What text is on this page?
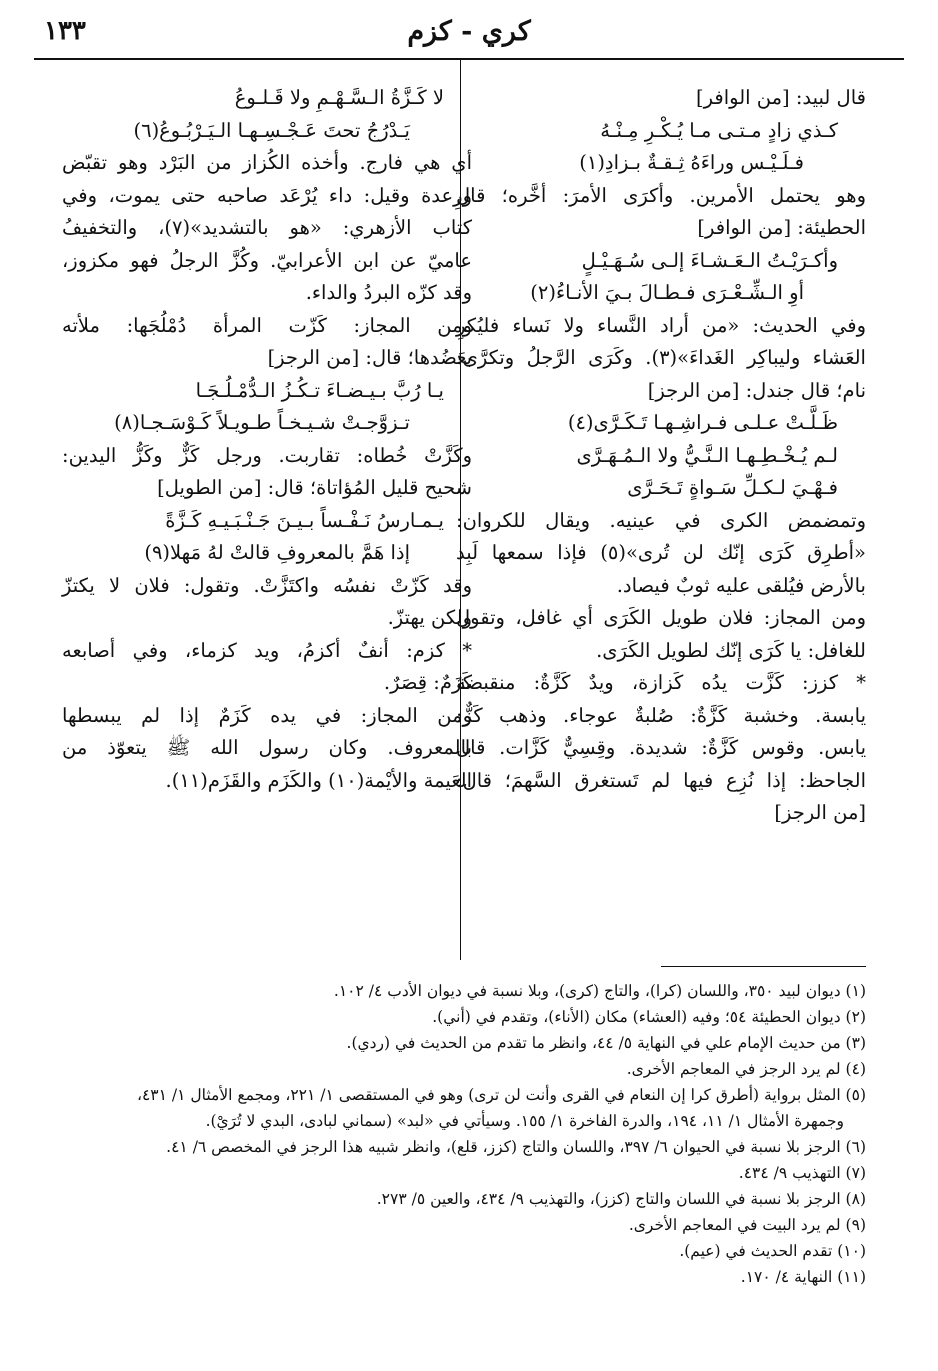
كري - كزم
١٣٣
قال لبيد: [من الوافر]
كـذي زادٍ مـتـى مـا يُـكْـرِ مِـنْـهُ
فـلَـيْـس وراءَهُ ثِـقـةٌ بـزادِ(١)
وهو يحتمل الأمرين. وأكرَى الأمرَ: أخَّره؛ قال
الحطيئة: [من الوافر]
وأكـرَيْـتُ الـعَـشـاءَ إلـى سُـهَـيْـلٍ
أوِ الـشِّـعْـرَى فـطـالَ بـيَ الأنـاءُ(٢)
وفي الحديث: «من أراد النَّساء ولا نَساء فليُكرِ
العَشاء وليباكِر الغَداءَ»(٣). وكَرَى الرَّجلُ وتكرَّى:
نام؛ قال جندل: [من الرجز]
ظَـلَّـتْ عـلـى فـراشِـهـا تَـكَـرَّى(٤)
لـم يُـخْـطِـهـا الـنَّـيُّ ولا الـمُـهَـرَّى
فـهْـيَ لـكـلِّ سَـواةٍ تَـحَـرَّى
وتمضمض الكرى في عينيه. ويقال للكروان:
«أطرِق كَرَى إنّك لن تُرى»(٥) فإذا سمعها لَبِد
بالأرض فيُلقى عليه ثوبٌ فيصاد.
ومن المجاز: فلان طويل الكَرَى أي غافل، وتقول
للغافل: يا كَرَى إنّك لطويل الكَرَى.
* كزز: كَزَّت يدُه كَزازة، ويدٌ كَزَّةٌ: منقبضة
يابسة. وخشبة كَزَّةٌ: صُلبةٌ عوجاء. وذهب كَزٌّ:
يابس. وقوس كَزَّةٌ: شديدة. وقِسِيٌّ كَزَّات. قال
الجاحظ: إذا نُزِع فيها لم تَستغرق السَّهمَ؛ قال:
[من الرجز]
لا كَـزَّةُ الـسَّـهْـمِ ولا قَـلـوعُ
يَـدْرُجُ تحتَ عَـجْـسِـهـا الـيَـرْبُـوعُ(٦)
أي هي فارج. وأخذه الكُزاز من البَرْد وهو تقبّض
ورِعدة وقيل: داء يُرْعَد صاحبه حتى يموت، وفي
كتاب الأزهري: «هو بالتشديد»(٧)، والتخفيفُ
عاميّ عن ابن الأعرابيّ. وكُزَّ الرجلُ فهو مكزوز،
وقد كزّه البردُ والداء.
ومن المجاز: كَزّت المرأة دُمْلُجَها: ملأته
بعَضُدها؛ قال: [من الرجز]
يـا رُبَّ بـيـضـاءَ تـكُـزُ الـدُّمْـلُـجَـا
تـزوَّجـتْ شـيـخـاً طـويـلاً كَـوْسَـجـا(٨)
وكَزَّتْ خُطاه: تقاربت. ورجل كَزٌّ وكَزُّ اليدين:
شحيح قليل المُؤاتاة؛ قال: [من الطويل]
يـمـارسُ نَـفْـساً بـيـنَ جَـنْـبَـيـهِ كَـزَّةً
إذا هَمَّ بالمعروفِ قالتْ لهُ مَهلا(٩)
وقد كَزّتْ نفسُه واكتَزَّتْ. وتقول: فلان لا يكتزّ
ولكن يهتزّ.
* كزم: أنفٌ أكزمُ، ويد كزماء، وفي أصابعه
كَزَمٌ: قِصَرٌ.
ومن المجاز: في يده كَزَمٌ إذا لم يبسطها
بالمعروف. وكان رسول الله ﷺ يتعوّذ من
العَيمة والأيْمة(١٠) والكَزَم والقَزَم(١١).
(١) ديوان لبيد ٣٥٠، واللسان (كرا)، والتاج (كرى)، وبلا نسبة في ديوان الأدب ٤/ ١٠٢.
(٢) ديوان الحطيئة ٥٤؛ وفيه (العشاء) مكان (الأناء)، وتقدم في (أني).
(٣) من حديث الإمام علي في النهاية ٥/ ٤٤، وانظر ما تقدم من الحديث في (ردي).
(٤) لم يرد الرجز في المعاجم الأخرى.
(٥) المثل برواية (أطرق كرا إن النعام في القرى وأنت لن ترى) وهو في المستقصى ١/ ٢٢١، ومجمع الأمثال ١/ ٤٣١،
وجمهرة الأمثال ١/ ١١، ١٩٤، والدرة الفاخرة ١/ ١٥٥. وسيأتي في «لبد» (سماني لبادى، البدي لا تُرَيْ).
(٦) الرجز بلا نسبة في الحيوان ٦/ ٣٩٧، واللسان والتاج (كزز، قلع)، وانظر شبيه هذا الرجز في المخصص ٦/ ٤١.
(٧) التهذيب ٩/ ٤٣٤.
(٨) الرجز بلا نسبة في اللسان والتاج (كزز)، والتهذيب ٩/ ٤٣٤، والعين ٥/ ٢٧٣.
(٩) لم يرد البيت في المعاجم الأخرى.
(١٠) تقدم الحديث في (عيم).
(١١) النهاية ٤/ ١٧٠.
